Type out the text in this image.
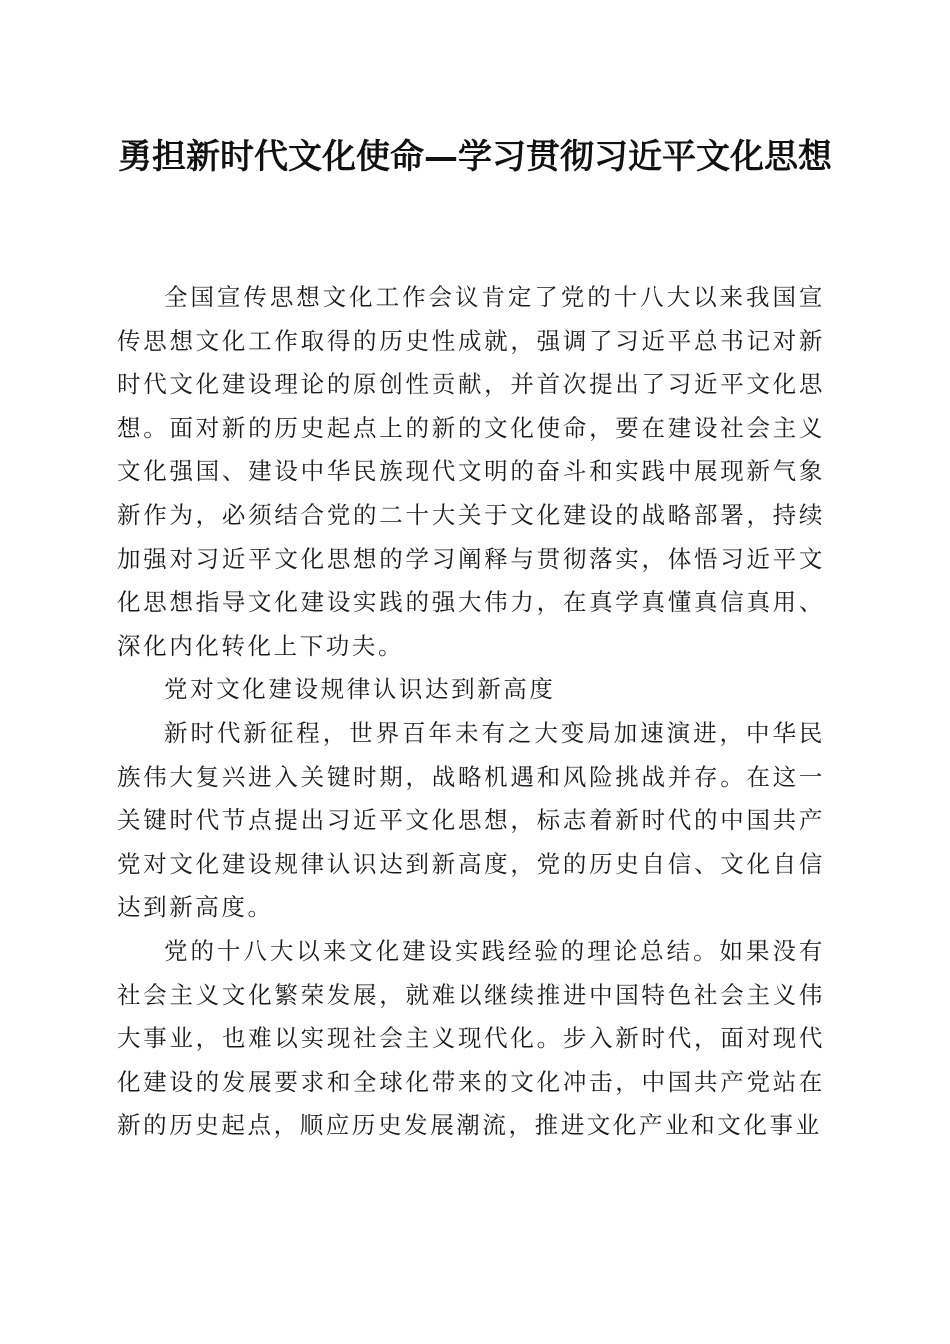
勇担新时代文化使命—学习贯彻习近平文化思想

全国宣传思想文化工作会议肯定了党的十八大以来我国宣传思想文化工作取得的历史性成就，强调了习近平总书记对新时代文化建设理论的原创性贡献，并首次提出了习近平文化思想。面对新的历史起点上的新的文化使命，要在建设社会主义文化强国、建设中华民族现代文明的奋斗和实践中展现新气象新作为，必须结合党的二十大关于文化建设的战略部署，持续加强对习近平文化思想的学习阐释与贯彻落实，体悟习近平文化思想指导文化建设实践的强大伟力，在真学真懂真信真用、深化内化转化上下功夫。

党对文化建设规律认识达到新高度

新时代新征程，世界百年未有之大变局加速演进，中华民族伟大复兴进入关键时期，战略机遇和风险挑战并存。在这一关键时代节点提出习近平文化思想，标志着新时代的中国共产党对文化建设规律认识达到新高度，党的历史自信、文化自信达到新高度。

党的十八大以来文化建设实践经验的理论总结。如果没有社会主义文化繁荣发展，就难以继续推进中国特色社会主义伟大事业，也难以实现社会主义现代化。步入新时代，面对现代化建设的发展要求和全球化带来的文化冲击，中国共产党站在新的历史起点，顺应历史发展潮流，推进文化产业和文化事业
